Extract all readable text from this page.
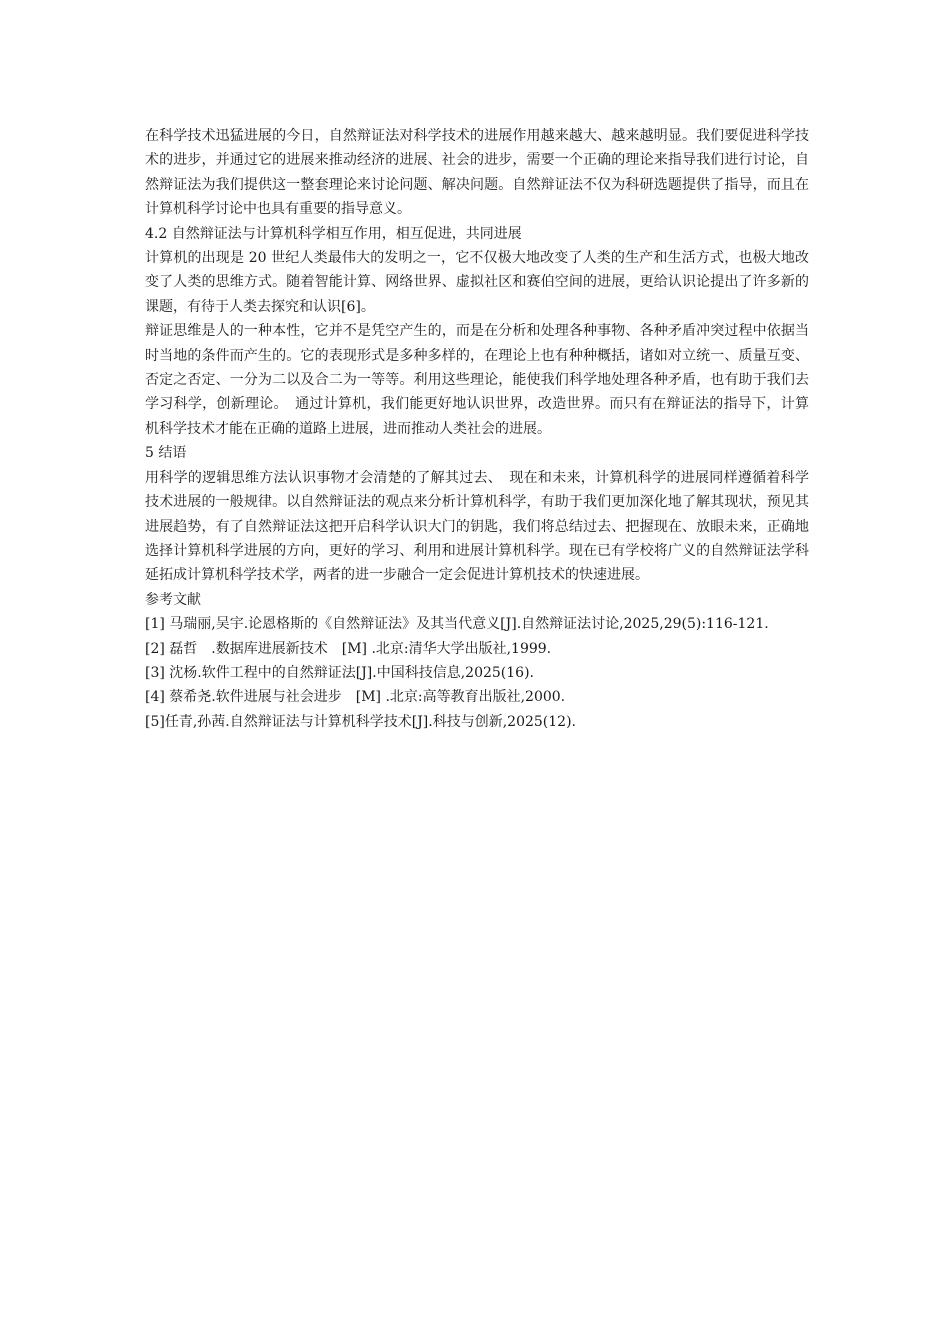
在科学技术迅猛进展的今日，自然辩证法对科学技术的进展作用越来越大、越来越明显。我们要促进科学技术的进步，并通过它的进展来推动经济的进展、社会的进步，需要一个正确的理论来指导我们进行讨论，自然辩证法为我们提供这一整套理论来讨论问题、解决问题。自然辩证法不仅为科研选题提供了指导，而且在计算机科学讨论中也具有重要的指导意义。

4.2 自然辩证法与计算机科学相互作用，相互促进，共同进展

计算机的出现是 20 世纪人类最伟大的发明之一，它不仅极大地改变了人类的生产和生活方式，也极大地改变了人类的思维方式。随着智能计算、网络世界、虚拟社区和赛伯空间的进展，更给认识论提出了许多新的课题，有待于人类去探究和认识[6]。

辩证思维是人的一种本性，它并不是凭空产生的，而是在分析和处理各种事物、各种矛盾冲突过程中依据当时当地的条件而产生的。它的表现形式是多种多样的，在理论上也有种种概括，诸如对立统一、质量互变、否定之否定、一分为二以及合二为一等等。利用这些理论，能使我们科学地处理各种矛盾，也有助于我们去学习科学，创新理论。　通过计算机，我们能更好地认识世界，改造世界。而只有在辩证法的指导下，计算机科学技术才能在正确的道路上进展，进而推动人类社会的进展。

5 结语

用科学的逻辑思维方法认识事物才会清楚的了解其过去、　现在和未来，计算机科学的进展同样遵循着科学技术进展的一般规律。以自然辩证法的观点来分析计算机科学，有助于我们更加深化地了解其现状，预见其进展趋势，有了自然辩证法这把开启科学认识大门的钥匙，我们将总结过去、把握现在、放眼未来，正确地选择计算机科学进展的方向，更好的学习、利用和进展计算机科学。现在已有学校将广义的自然辩证法学科延拓成计算机科学技术学，两者的进一步融合一定会促进计算机技术的快速进展。

参考文献

[1] 马瑞丽,吴宇.论恩格斯的《自然辩证法》及其当代意义[J].自然辩证法讨论,2025,29(5):116-121.

[2] 磊哲　.数据库进展新技术　[M] .北京:清华大学出版社,1999.

[3] 沈杨.软件工程中的自然辩证法[J].中国科技信息,2025(16).

[4] 蔡希尧.软件进展与社会进步　[M] .北京:高等教育出版社,2000.

[5]任青,孙茜.自然辩证法与计算机科学技术[J].科技与创新,2025(12).
